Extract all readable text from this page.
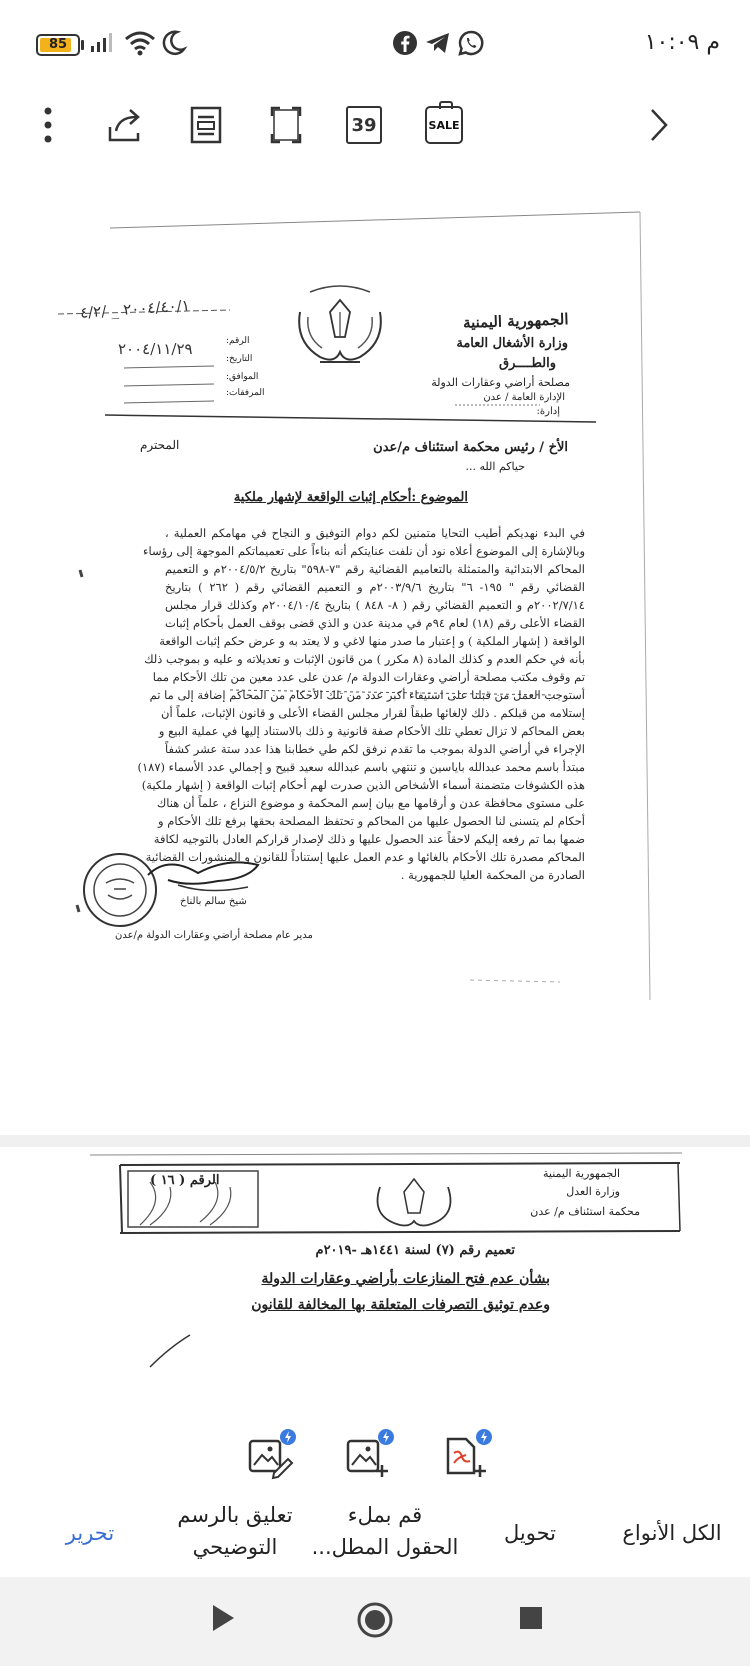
85	م ١٠:٠٩
39	SALE
الجمهورية اليمنية
وزارة الأشغال العامة
والطــــرق
مصلحة أراضي وعقارات الدولة
الإدارة العامة / عدن
إدارة:
۲۰۰٤/٤٠/١ _ /٤/٢
الرقم:
التاريخ:
الموافق:
المرفقات:
٢٠٠٤/١١/٢٩
الأخ / رئيس محكمة استئناف م/عدن
حياكم الله ...
المحترم
الموضوع :أحكام إثبات الواقعة لإشهار ملكية
في البدء نهديكم أطيب التحايا متمنين لكم دوام التوفيق و النجاح في مهامكم العملية ،
وبالإشارة إلى الموضوع أعلاه نود أن نلفت عنايتكم أنه بناءاً على تعميماتكم الموجهة إلى رؤساء
المحاكم الابتدائية والمتمثلة بالتعاميم القضائية رقم "٧-٥٩٨" بتاريخ ٢٠٠٤/٥/٢م و التعميم
القضائي رقم " ١٩٥- ٦" بتاريخ ٢٠٠٣/٩/٦م و التعميم القضائي رقم ( ٢٦٢ ) بتاريخ
٢٠٠٢/٧/١٤م و التعميم القضائي رقم ( ٨- ٨٤٨ ) بتاريخ ٢٠٠٤/١٠/٤م وكذلك قرار مجلس
القضاء الأعلى رقم (١٨) لعام ٩٤م في مدينة عدن و الذي قضى بوقف العمل بأحكام إثبات
الواقعة ( إشهار الملكية ) و إعتبار ما صدر منها لاغي و لا يعتد به و عرض حكم إثبات الواقعة
بأنه في حكم العدم و كذلك المادة (٨ مكرر ) من قانون الإثبات و تعديلاته و عليه و بموجب ذلك
تم وقوف مكتب مصلحة أراضي وعقارات الدولة م/ عدن على عدد معين من تلك الأحكام مما
أستوجب العمل من قبلنا على استيفاء أكبر عدد من تلك الأحكام من المحاكم إضافة إلى ما تم
إستلامه من قبلكم . ذلك لإلغائها طبقاً لقرار مجلس القضاء الأعلى و قانون الإثبات، علماً أن
بعض المحاكم لا تزال تعطي تلك الأحكام صفة قانونية و ذلك بالاستناد إليها في عملية البيع و
الإجراء في أراضي الدولة بموجب ما تقدم نرفق لكم طي خطابنا هذا عدد ستة عشر كشفاً
مبتدأ باسم محمد عبدالله باياسين و تنتهي باسم عبدالله سعيد قبيح و إجمالي عدد الأسماء (١٨٧)
هذه الكشوفات متضمنة أسماء الأشخاص الذين صدرت لهم أحكام إثبات الواقعة ( إشهار ملكية)
على مستوى محافظة عدن و أرقامها مع بيان إسم المحكمة و موضوع النزاع ، علماً أن هناك
أحكام لم يتسنى لنا الحصول عليها من المحاكم و تحتفظ المصلحة بحقها برفع تلك الأحكام و
ضمها بما تم رفعه إليكم لاحقاً عند الحصول عليها و ذلك لإصدار قراركم العادل بالتوجيه لكافة
المحاكم مصدرة تلك الأحكام بالغائها و عدم العمل عليها إستناداً للقانون و المنشورات القضائية
الصادرة من المحكمة العليا للجمهورية .
شيخ سالم بالناخ
مدير عام مصلحة أراضي وعقارات الدولة م/عدن
الجمهورية اليمنية
وزارة العدل
محكمة استئناف م/ عدن
الرقم ( ١٦ )
تعميم رقم (٧) لسنة ١٤٤١هـ -٢٠١٩م
بشأن عدم فتح المنازعات بأراضي وعقارات الدولة
وعدم توثيق التصرفات المتعلقة بها المخالفة للقانون
الكل الأنواع
تحويل
قم بملء
الحقول المطل...
تعليق بالرسم
التوضيحي
تحرير
